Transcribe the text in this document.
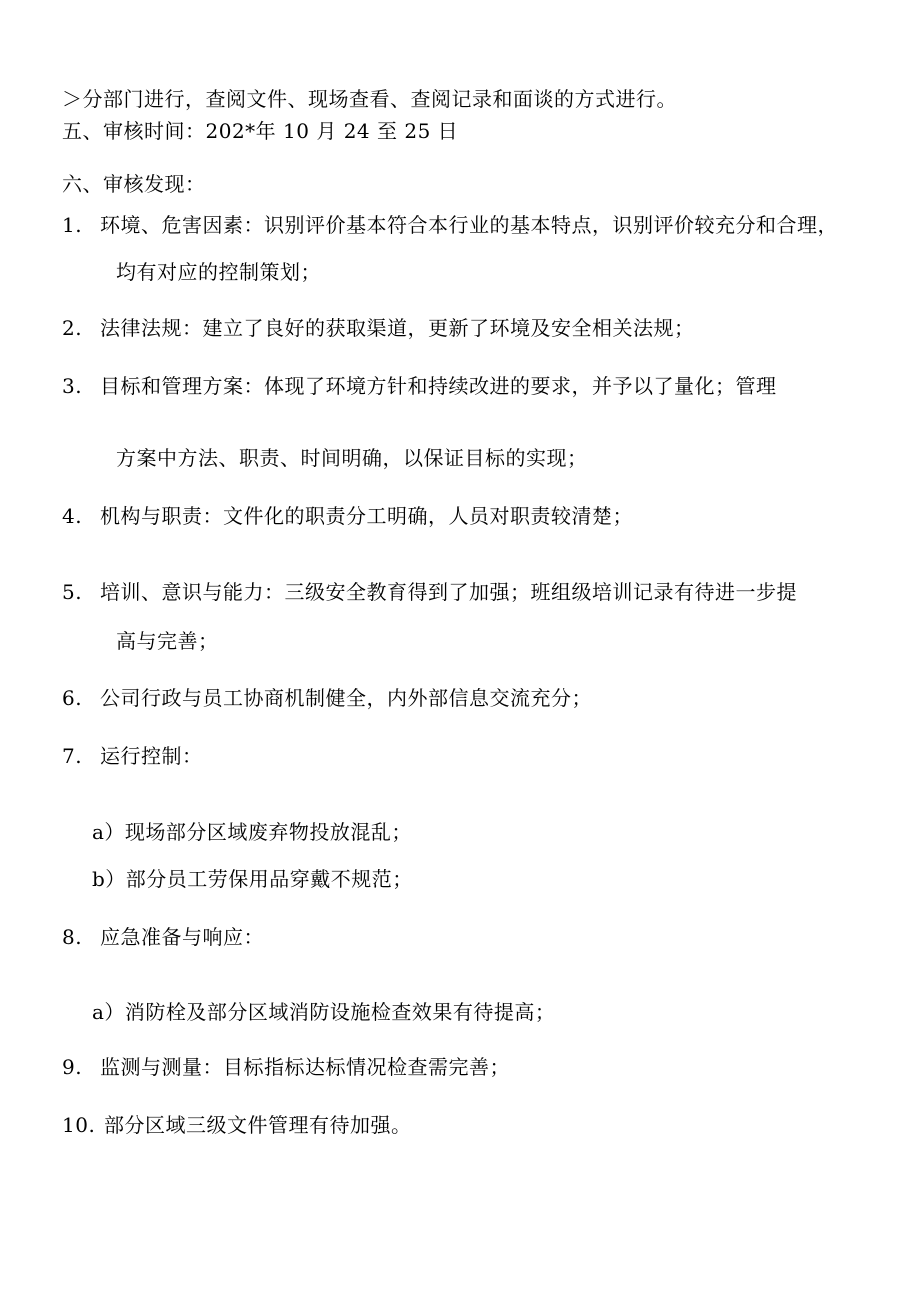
＞分部门进行，查阅文件、现场查看、查阅记录和面谈的方式进行。
五、审核时间：202*年 10 月 24 至 25 日
六、审核发现：
1. 环境、危害因素：识别评价基本符合本行业的基本特点，识别评价较充分和合理，
均有对应的控制策划；
2. 法律法规：建立了良好的获取渠道，更新了环境及安全相关法规；
3. 目标和管理方案：体现了环境方针和持续改进的要求，并予以了量化；管理
方案中方法、职责、时间明确，以保证目标的实现；
4. 机构与职责：文件化的职责分工明确，人员对职责较清楚；
5. 培训、意识与能力：三级安全教育得到了加强；班组级培训记录有待进一步提
高与完善；
6. 公司行政与员工协商机制健全，内外部信息交流充分；
7. 运行控制：
a）现场部分区域废弃物投放混乱；
b）部分员工劳保用品穿戴不规范；
8. 应急准备与响应：
a）消防栓及部分区域消防设施检查效果有待提高；
9. 监测与测量：目标指标达标情况检查需完善；
10. 部分区域三级文件管理有待加强。
